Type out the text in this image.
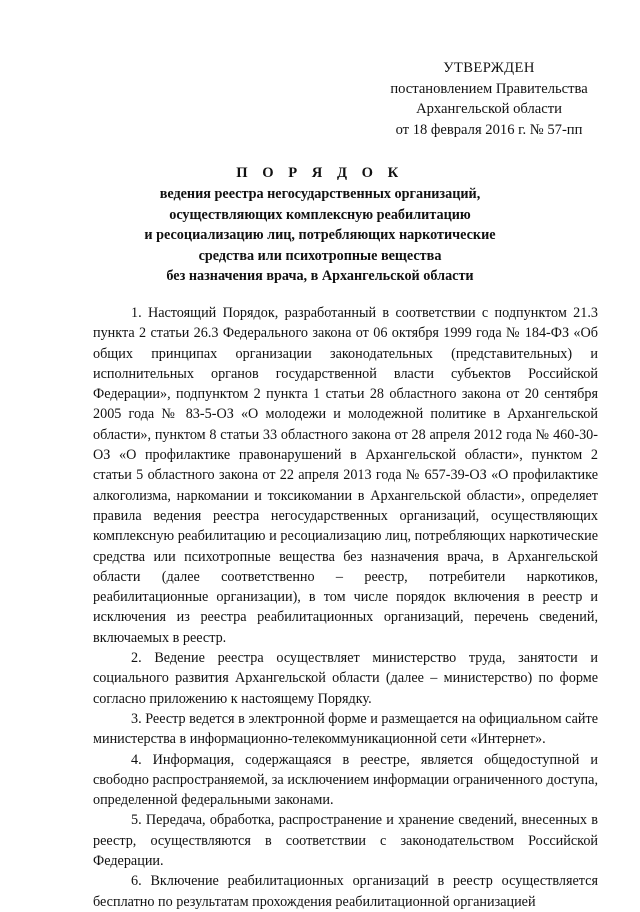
УТВЕРЖДЕН
постановлением Правительства
Архангельской области
от 18 февраля 2016 г. № 57-пп
П О Р Я Д О К
ведения реестра негосударственных организаций,
осуществляющих комплексную реабилитацию
и ресоциализацию лиц, потребляющих наркотические
средства или психотропные вещества
без назначения врача, в Архангельской области

1. Настоящий Порядок, разработанный в соответствии с подпунктом 21.3 пункта 2 статьи 26.3 Федерального закона от 06 октября 1999 года № 184-ФЗ «Об общих принципах организации законодательных (представительных) и исполнительных органов государственной власти субъектов Российской Федерации», подпунктом 2 пункта 1 статьи 28 областного закона от 20 сентября 2005 года № 83-5-ОЗ «О молодежи и молодежной политике в Архангельской области», пунктом 8 статьи 33 областного закона от 28 апреля 2012 года № 460-30-ОЗ «О профилактике правонарушений в Архангельской области», пунктом 2 статьи 5 областного закона от 22 апреля 2013 года № 657-39-ОЗ «О профилактике алкоголизма, наркомании и токсикомании в Архангельской области», определяет правила ведения реестра негосударственных организаций, осуществляющих комплексную реабилитацию и ресоциализацию лиц, потребляющих наркотические средства или психотропные вещества без назначения врача, в Архангельской области (далее соответственно – реестр, потребители наркотиков, реабилитационные организации), в том числе порядок включения в реестр и исключения из реестра реабилитационных организаций, перечень сведений, включаемых в реестр.

2. Ведение реестра осуществляет министерство труда, занятости и социального развития Архангельской области (далее – министерство) по форме согласно приложению к настоящему Порядку.

3. Реестр ведется в электронной форме и размещается на официальном сайте министерства в информационно-телекоммуникационной сети «Интернет».

4. Информация, содержащаяся в реестре, является общедоступной и свободно распространяемой, за исключением информации ограниченного доступа, определенной федеральными законами.

5. Передача, обработка, распространение и хранение сведений, внесенных в реестр, осуществляются в соответствии с законодательством Российской Федерации.

6. Включение реабилитационных организаций в реестр осуществляется бесплатно по результатам прохождения реабилитационной организацией
